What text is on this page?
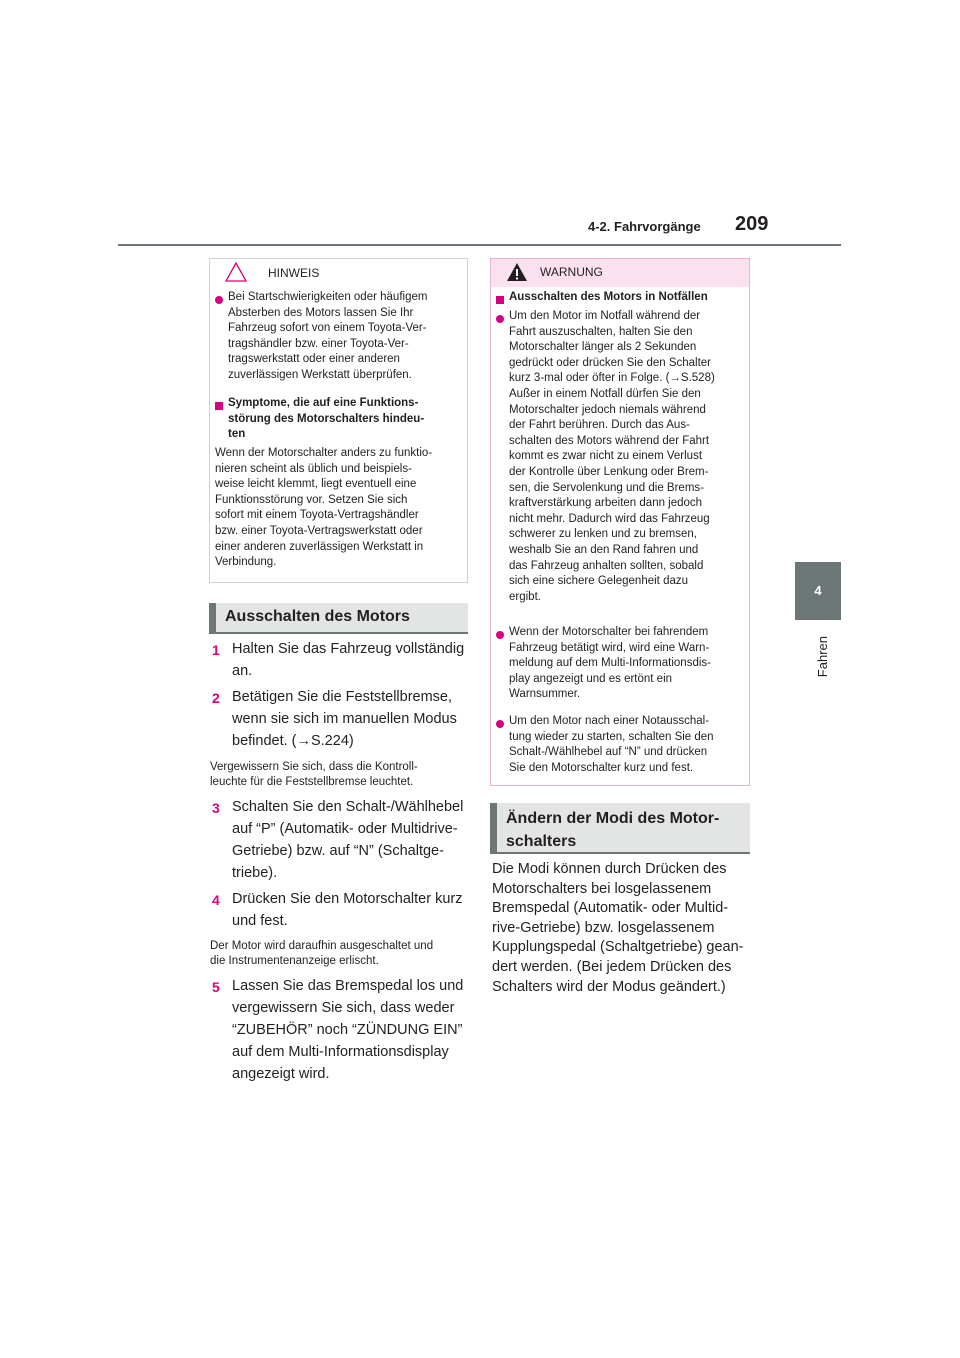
4-2. Fahrvorgänge 209
4
Fahren
HINWEIS
Bei Startschwierigkeiten oder häufigem
Absterben des Motors lassen Sie Ihr
Fahrzeug sofort von einem Toyota-Ver-
tragshändler bzw. einer Toyota-Ver-
tragswerkstatt oder einer anderen
zuverlässigen Werkstatt überprüfen.
Symptome, die auf eine Funktions-
störung des Motorschalters hindeu-
ten
Wenn der Motorschalter anders zu funktio-
nieren scheint als üblich und beispiels-
weise leicht klemmt, liegt eventuell eine
Funktionsstörung vor. Setzen Sie sich
sofort mit einem Toyota-Vertragshändler
bzw. einer Toyota-Vertragswerkstatt oder
einer anderen zuverlässigen Werkstatt in
Verbindung.
Ausschalten des Motors
1 Halten Sie das Fahrzeug vollständig
an.
2 Betätigen Sie die Feststellbremse,
wenn sie sich im manuellen Modus
befindet. (→S.224)
Vergewissern Sie sich, dass die Kontroll-
leuchte für die Feststellbremse leuchtet.
3 Schalten Sie den Schalt-/Wählhebel
auf “P” (Automatik- oder Multidrive-
Getriebe) bzw. auf “N” (Schaltge-
triebe).
4 Drücken Sie den Motorschalter kurz
und fest.
Der Motor wird daraufhin ausgeschaltet und
die Instrumentenanzeige erlischt.
5 Lassen Sie das Bremspedal los und
vergewissern Sie sich, dass weder
“ZUBEHÖR” noch “ZÜNDUNG EIN”
auf dem Multi-Informationsdisplay
angezeigt wird.
WARNUNG
Ausschalten des Motors in Notfällen
Um den Motor im Notfall während der
Fahrt auszuschalten, halten Sie den
Motorschalter länger als 2 Sekunden
gedrückt oder drücken Sie den Schalter
kurz 3-mal oder öfter in Folge. (→S.528)
Außer in einem Notfall dürfen Sie den
Motorschalter jedoch niemals während
der Fahrt berühren. Durch das Aus-
schalten des Motors während der Fahrt
kommt es zwar nicht zu einem Verlust
der Kontrolle über Lenkung oder Brem-
sen, die Servolenkung und die Brems-
kraftverstärkung arbeiten dann jedoch
nicht mehr. Dadurch wird das Fahrzeug
schwerer zu lenken und zu bremsen,
weshalb Sie an den Rand fahren und
das Fahrzeug anhalten sollten, sobald
sich eine sichere Gelegenheit dazu
ergibt.
Wenn der Motorschalter bei fahrendem
Fahrzeug betätigt wird, wird eine Warn-
meldung auf dem Multi-Informationsdis-
play angezeigt und es ertönt ein
Warnsummer.
Um den Motor nach einer Notausschal-
tung wieder zu starten, schalten Sie den
Schalt-/Wählhebel auf “N” und drücken
Sie den Motorschalter kurz und fest.
Ändern der Modi des Motor-
schalters
Die Modi können durch Drücken des
Motorschalters bei losgelassenem
Bremspedal (Automatik- oder Multid-
rive-Getriebe) bzw. losgelassenem
Kupplungspedal (Schaltgetriebe) gean-
dert werden. (Bei jedem Drücken des
Schalters wird der Modus geändert.)
